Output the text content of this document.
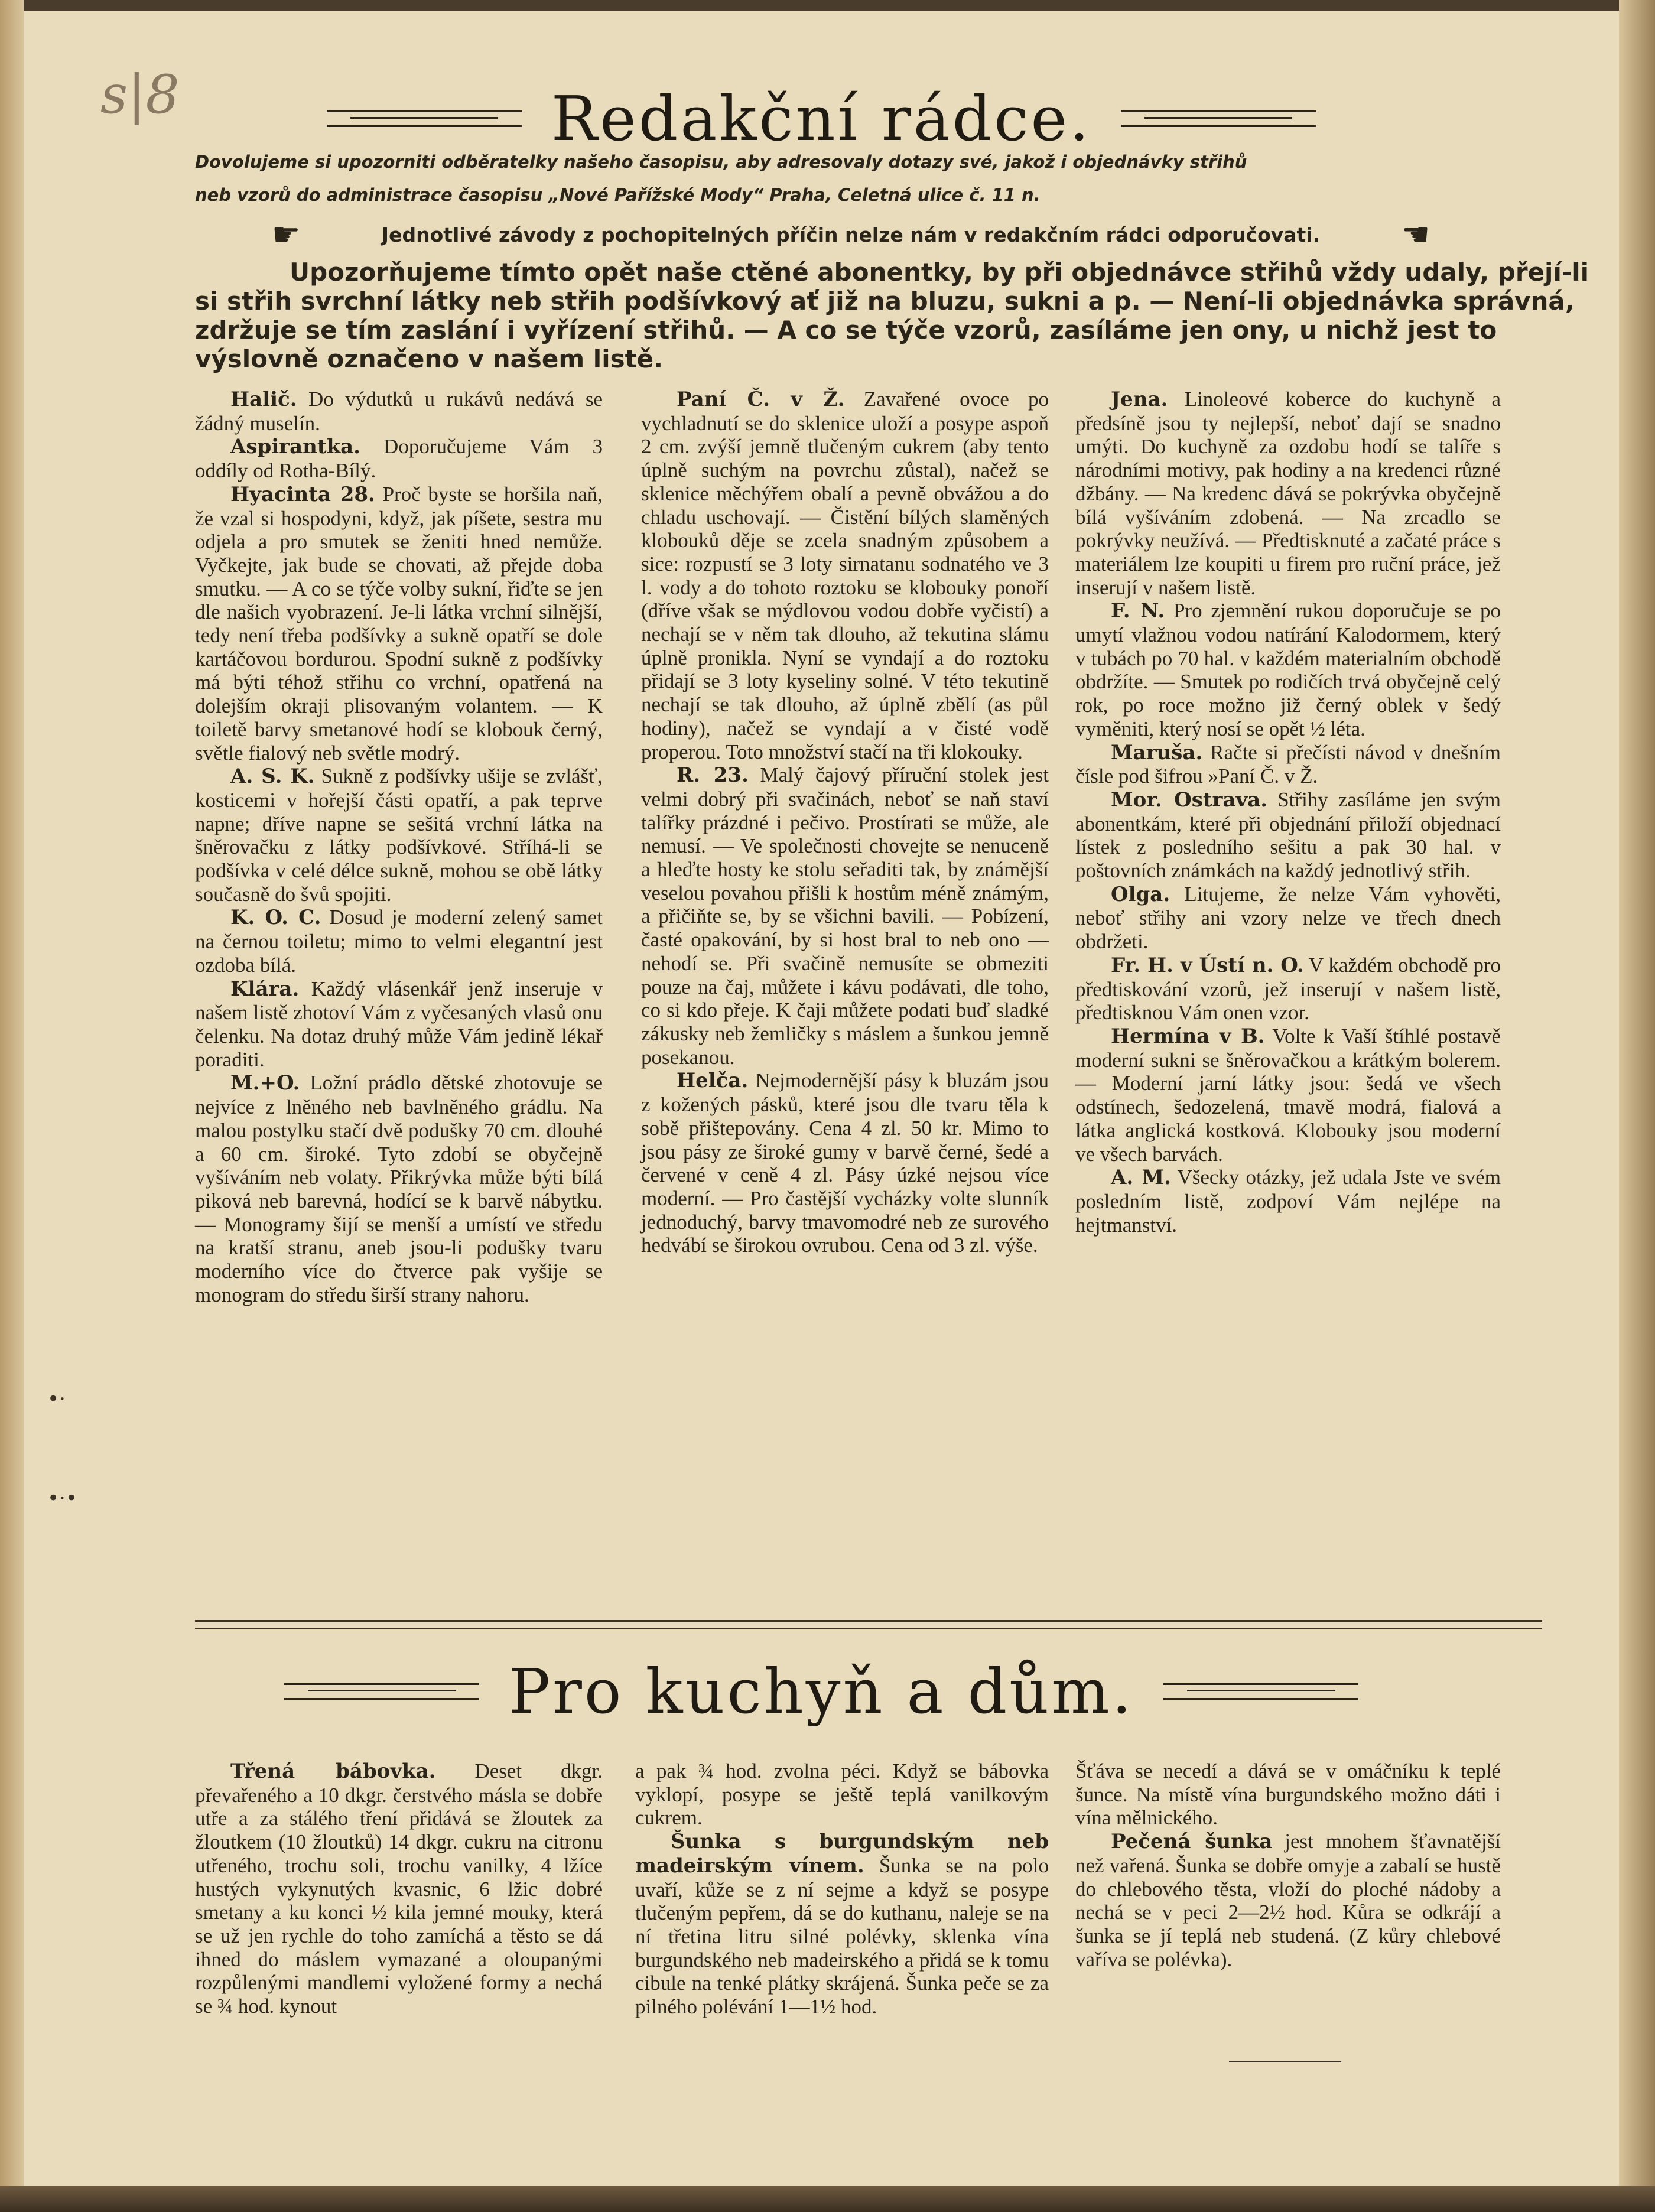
s|8	Redakční rádce.
Dovolujeme si upozorniti odběratelky našeho časopisu, aby adresovaly dotazy své, jakož i objednávky střihů
neb vzorů do administrace časopisu „Nové Pařížské Mody“ Praha, Celetná ulice č. 11 n.
☛	Jednotlivé závody z pochopitelných příčin nelze nám v redakčním rádci odporučovati.	☚
Upozorňujeme tímto opět naše ctěné abonentky, by při objednávce střihů vždy udaly, přejí-li
si střih svrchní látky neb střih podšívkový ať již na bluzu, sukni a p. — Není-li objednávka správná,
zdržuje se tím zaslání i vyřízení střihů. — A co se týče vzorů, zasíláme jen ony, u nichž jest to
výslovně označeno v našem listě.

Halič. Do výdutků u rukávů nedává se žádný muselín.

Aspirantka. Doporučujeme Vám 3 oddíly od Rotha-Bílý.

Hyacinta 28. Proč byste se horšila naň, že vzal si hospodyni, když, jak píšete, sestra mu odjela a pro smutek se ženiti hned nemůže. Vyčkejte, jak bude se chovati, až přejde doba smutku. — A co se týče volby sukní, řiďte se jen dle našich vyobrazení. Je-li látka vrchní silnější, tedy není třeba podšívky a sukně opatří se dole kartáčovou bordurou. Spodní sukně z podšívky má býti téhož střihu co vrchní, opatřená na dolejším okraji plisovaným volantem. — K toiletě barvy smetanové hodí se klobouk černý, světle fialový neb světle modrý.

A. S. K. Sukně z podšívky ušije se zvlášť, kosticemi v hořejší části opatří, a pak teprve napne; dříve napne se sešitá vrchní látka na šněrovačku z látky podšívkové. Stříhá-li se podšívka v celé délce sukně, mohou se obě látky současně do švů spojiti.

K. O. C. Dosud je moderní zelený samet na černou toiletu; mimo to velmi elegantní jest ozdoba bílá.

Klára. Každý vlásenkář jenž inseruje v našem listě zhotoví Vám z vyčesaných vlasů onu čelenku. Na dotaz druhý může Vám jedině lékař poraditi.

M.+O. Ložní prádlo dětské zhotovuje se nejvíce z lněného neb bavlněného grádlu. Na malou postylku stačí dvě podušky 70 cm. dlouhé a 60 cm. široké. Tyto zdobí se obyčejně vyšíváním neb volaty. Přikrývka může býti bílá piková neb barevná, hodící se k barvě nábytku. — Monogramy šijí se menší a umístí ve středu na kratší stranu, aneb jsou-li podušky tvaru moderního více do čtverce pak vyšije se monogram do středu širší strany nahoru.

Paní Č. v Ž. Zavařené ovoce po vychladnutí se do sklenice uloží a posype aspoň 2 cm. zvýší jemně tlučeným cukrem (aby tento úplně suchým na povrchu zůstal), načež se sklenice měchýřem obalí a pevně obvážou a do chladu uschovají. — Čistění bílých slaměných klobouků děje se zcela snadným způsobem a sice: rozpustí se 3 loty sirnatanu sodnatého ve 3 l. vody a do tohoto roztoku se klobouky ponoří (dříve však se mýdlovou vodou dobře vyčistí) a nechají se v něm tak dlouho, až tekutina slámu úplně pronikla. Nyní se vyndají a do roztoku přidají se 3 loty kyseliny solné. V této tekutině nechají se tak dlouho, až úplně zbělí (as půl hodiny), načež se vyndají a v čisté vodě properou. Toto množství stačí na tři klokouky.

R. 23. Malý čajový příruční stolek jest velmi dobrý při svačinách, neboť se naň staví talířky prázdné i pečivo. Prostírati se může, ale nemusí. — Ve společnosti chovejte se nenuceně a hleďte hosty ke stolu seřaditi tak, by známější veselou povahou přišli k hostům méně známým, a přičiňte se, by se všichni bavili. — Pobízení, časté opakování, by si host bral to neb ono — nehodí se. Při svačině nemusíte se obmeziti pouze na čaj, můžete i kávu podávati, dle toho, co si kdo přeje. K čaji můžete podati buď sladké zákusky neb žemličky s máslem a šunkou jemně posekanou.

Helča. Nejmodernější pásy k bluzám jsou z kožených pásků, které jsou dle tvaru těla k sobě přištepovány. Cena 4 zl. 50 kr. Mimo to jsou pásy ze široké gumy v barvě černé, šedé a červené v ceně 4 zl. Pásy úzké nejsou více moderní. — Pro častější vycházky volte slunník jednoduchý, barvy tmavomodré neb ze surového hedvábí se širokou ovrubou. Cena od 3 zl. výše.

Jena. Linoleové koberce do kuchyně a předsíně jsou ty nejlepší, neboť dají se snadno umýti. Do kuchyně za ozdobu hodí se talíře s národními motivy, pak hodiny a na kredenci různé džbány. — Na kredenc dává se pokrývka obyčejně bílá vyšíváním zdobená. — Na zrcadlo se pokrývky neužívá. — Předtisknuté a začaté práce s materiálem lze koupiti u firem pro ruční práce, jež inserují v našem listě.

F. N. Pro zjemnění rukou doporučuje se po umytí vlažnou vodou natírání Kalodormem, který v tubách po 70 hal. v každém materialním obchodě obdržíte. — Smutek po rodičích trvá obyčejně celý rok, po roce možno již černý oblek v šedý vyměniti, který nosí se opět ½ léta.

Maruša. Račte si přečísti návod v dnešním čísle pod šifrou »Paní Č. v Ž.

Mor. Ostrava. Střihy zasíláme jen svým abonentkám, které při objednání přiloží objednací lístek z posledního sešitu a pak 30 hal. v poštovních známkách na každý jednotlivý střih.

Olga. Litujeme, že nelze Vám vyhověti, neboť střihy ani vzory nelze ve třech dnech obdržeti.

Fr. H. v Ústí n. O. V každém obchodě pro předtiskování vzorů, jež inserují v našem listě, předtisknou Vám onen vzor.

Hermína v B. Volte k Vaší štíhlé postavě moderní sukni se šněrovačkou a krátkým bolerem. — Moderní jarní látky jsou: šedá ve všech odstínech, šedozelená, tmavě modrá, fialová a látka anglická kostková. Klobouky jsou moderní ve všech barvách.

A. M. Všecky otázky, jež udala Jste ve svém posledním listě, zodpoví Vám nejlépe na hejtmanství.

•·
•·•
Pro kuchyň a dům.

Třená bábovka. Deset dkgr. převařeného a 10 dkgr. čerstvého másla se dobře utře a za stálého tření přidává se žloutek za žloutkem (10 žloutků) 14 dkgr. cukru na citronu utřeného, trochu soli, trochu vanilky, 4 lžíce hustých vykynutých kvasnic, 6 lžic dobré smetany a ku konci ½ kila jemné mouky, která se už jen rychle do toho zamíchá a těsto se dá ihned do máslem vymazané a oloupanými rozpůlenými mandlemi vyložené formy a nechá se ¾ hod. kynout

a pak ¾ hod. zvolna péci. Když se bábovka vyklopí, posype se ještě teplá vanilkovým cukrem.

Šunka s burgundským neb madeirským vínem. Šunka se na polo uvaří, kůže se z ní sejme a když se posype tlučeným pepřem, dá se do kuthanu, naleje se na ní třetina litru silné polévky, sklenka vína burgundského neb madeirského a přidá se k tomu cibule na tenké plátky skrájená. Šunka peče se za pilného polévání 1—1½ hod.

Šťáva se necedí a dává se v omáčníku k teplé šunce. Na místě vína burgundského možno dáti i vína mělnického.

Pečená šunka jest mnohem šťavnatější než vařená. Šunka se dobře omyje a zabalí se hustě do chlebového těsta, vloží do ploché nádoby a nechá se v peci 2—2½ hod. Kůra se odkrájí a šunka se jí teplá neb studená. (Z kůry chlebové vaříva se polévka).
